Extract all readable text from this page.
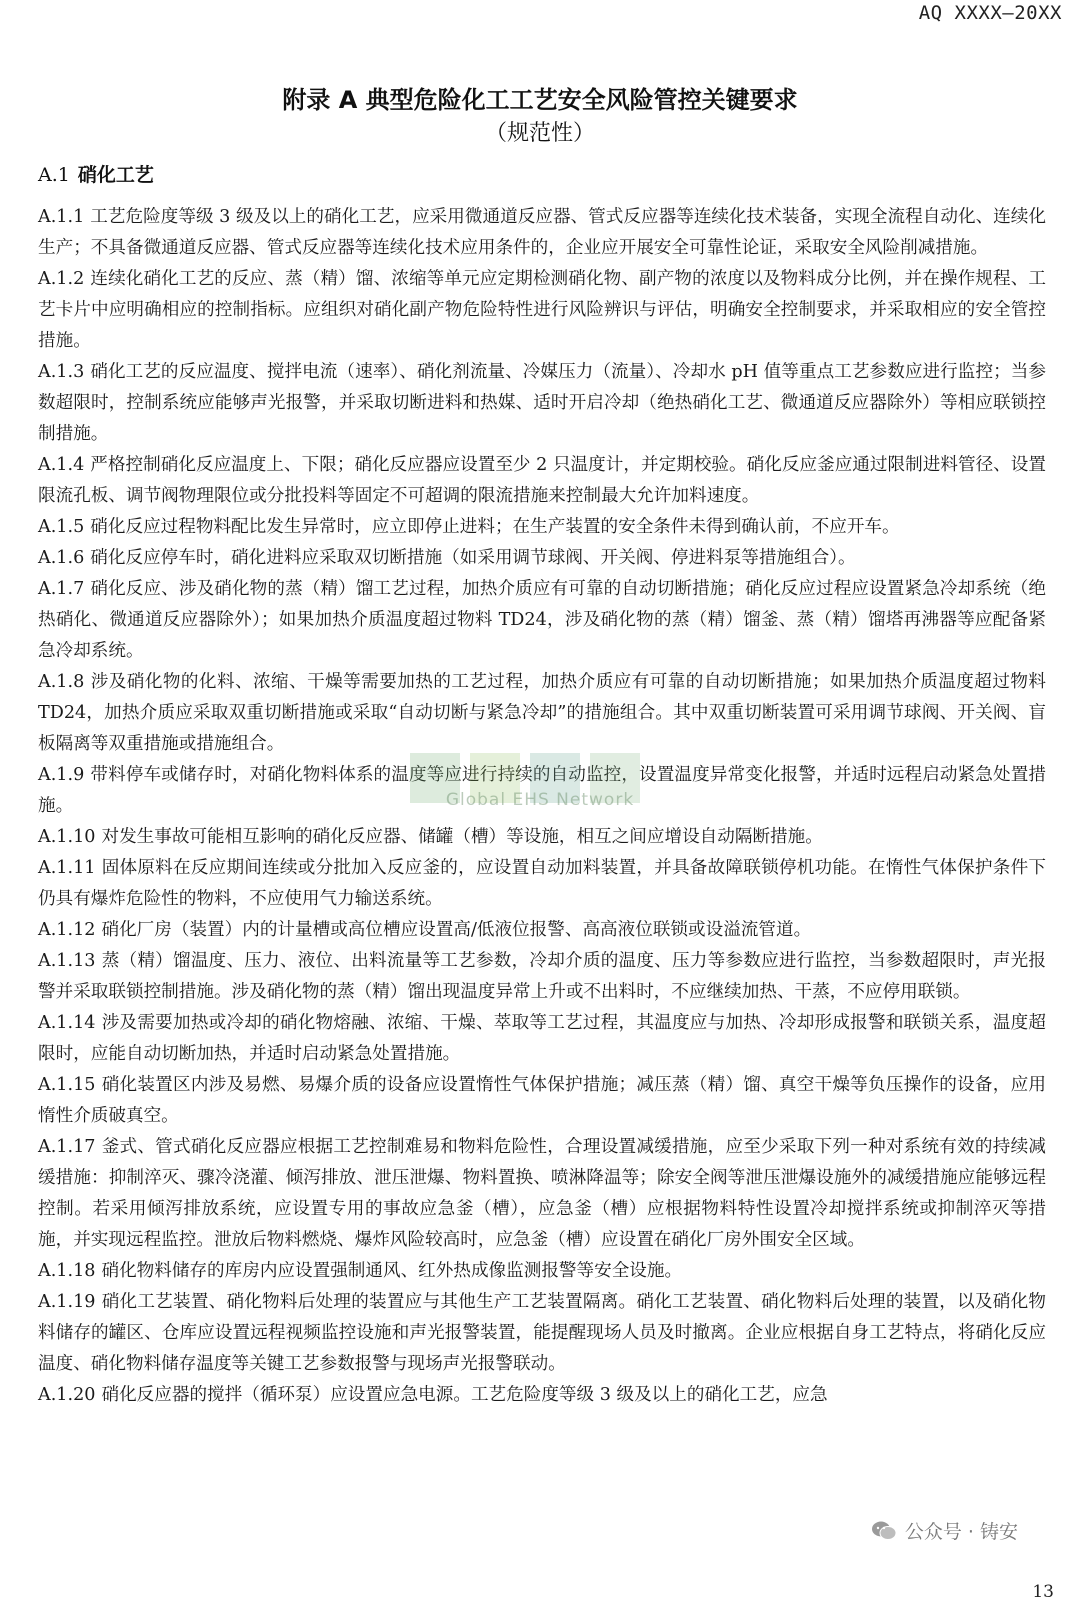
AQ XXXX—20XX
附录 A 典型危险化工工艺安全风险管控关键要求
（规范性）
A.1 硝化工艺

A.1.1 工艺危险度等级 3 级及以上的硝化工艺，应采用微通道反应器、管式反应器等连续化技术装备，实现全流程自动化、连续化生产；不具备微通道反应器、管式反应器等连续化技术应用条件的，企业应开展安全可靠性论证，采取安全风险削减措施。

A.1.2 连续化硝化工艺的反应、蒸（精）馏、浓缩等单元应定期检测硝化物、副产物的浓度以及物料成分比例，并在操作规程、工艺卡片中应明确相应的控制指标。应组织对硝化副产物危险特性进行风险辨识与评估，明确安全控制要求，并采取相应的安全管控措施。

A.1.3 硝化工艺的反应温度、搅拌电流（速率）、硝化剂流量、冷媒压力（流量）、冷却水 pH 值等重点工艺参数应进行监控；当参数超限时，控制系统应能够声光报警，并采取切断进料和热媒、适时开启冷却（绝热硝化工艺、微通道反应器除外）等相应联锁控制措施。

A.1.4 严格控制硝化反应温度上、下限；硝化反应器应设置至少 2 只温度计，并定期校验。硝化反应釜应通过限制进料管径、设置限流孔板、调节阀物理限位或分批投料等固定不可超调的限流措施来控制最大允许加料速度。

A.1.5 硝化反应过程物料配比发生异常时，应立即停止进料；在生产装置的安全条件未得到确认前，不应开车。

A.1.6 硝化反应停车时，硝化进料应采取双切断措施（如采用调节球阀、开关阀、停进料泵等措施组合）。

A.1.7 硝化反应、涉及硝化物的蒸（精）馏工艺过程，加热介质应有可靠的自动切断措施；硝化反应过程应设置紧急冷却系统（绝热硝化、微通道反应器除外）；如果加热介质温度超过物料 TD24，涉及硝化物的蒸（精）馏釜、蒸（精）馏塔再沸器等应配备紧急冷却系统。

A.1.8 涉及硝化物的化料、浓缩、干燥等需要加热的工艺过程，加热介质应有可靠的自动切断措施；如果加热介质温度超过物料 TD24，加热介质应采取双重切断措施或采取“自动切断与紧急冷却”的措施组合。其中双重切断装置可采用调节球阀、开关阀、盲板隔离等双重措施或措施组合。

A.1.9 带料停车或储存时，对硝化物料体系的温度等应进行持续的自动监控，设置温度异常变化报警，并适时远程启动紧急处置措施。

A.1.10 对发生事故可能相互影响的硝化反应器、储罐（槽）等设施，相互之间应增设自动隔断措施。

A.1.11 固体原料在反应期间连续或分批加入反应釜的，应设置自动加料装置，并具备故障联锁停机功能。在惰性气体保护条件下仍具有爆炸危险性的物料，不应使用气力输送系统。

A.1.12 硝化厂房（装置）内的计量槽或高位槽应设置高/低液位报警、高高液位联锁或设溢流管道。

A.1.13 蒸（精）馏温度、压力、液位、出料流量等工艺参数，冷却介质的温度、压力等参数应进行监控，当参数超限时，声光报警并采取联锁控制措施。涉及硝化物的蒸（精）馏出现温度异常上升或不出料时，不应继续加热、干蒸，不应停用联锁。

A.1.14 涉及需要加热或冷却的硝化物熔融、浓缩、干燥、萃取等工艺过程，其温度应与加热、冷却形成报警和联锁关系，温度超限时，应能自动切断加热，并适时启动紧急处置措施。

A.1.15 硝化装置区内涉及易燃、易爆介质的设备应设置惰性气体保护措施；减压蒸（精）馏、真空干燥等负压操作的设备，应用惰性介质破真空。

A.1.17 釜式、管式硝化反应器应根据工艺控制难易和物料危险性，合理设置减缓措施，应至少采取下列一种对系统有效的持续减缓措施：抑制淬灭、骤冷浇灌、倾泻排放、泄压泄爆、物料置换、喷淋降温等；除安全阀等泄压泄爆设施外的减缓措施应能够远程控制。若采用倾泻排放系统，应设置专用的事故应急釜（槽），应急釜（槽）应根据物料特性设置冷却搅拌系统或抑制淬灭等措施，并实现远程监控。泄放后物料燃烧、爆炸风险较高时，应急釜（槽）应设置在硝化厂房外围安全区域。

A.1.18 硝化物料储存的库房内应设置强制通风、红外热成像监测报警等安全设施。

A.1.19 硝化工艺装置、硝化物料后处理的装置应与其他生产工艺装置隔离。硝化工艺装置、硝化物料后处理的装置，以及硝化物料储存的罐区、仓库应设置远程视频监控设施和声光报警装置，能提醒现场人员及时撤离。企业应根据自身工艺特点，将硝化反应温度、硝化物料储存温度等关键工艺参数报警与现场声光报警联动。

A.1.20 硝化反应器的搅拌（循环泵）应设置应急电源。工艺危险度等级 3 级及以上的硝化工艺，应急

Global EHS Network
公众号 · 铸安
13
